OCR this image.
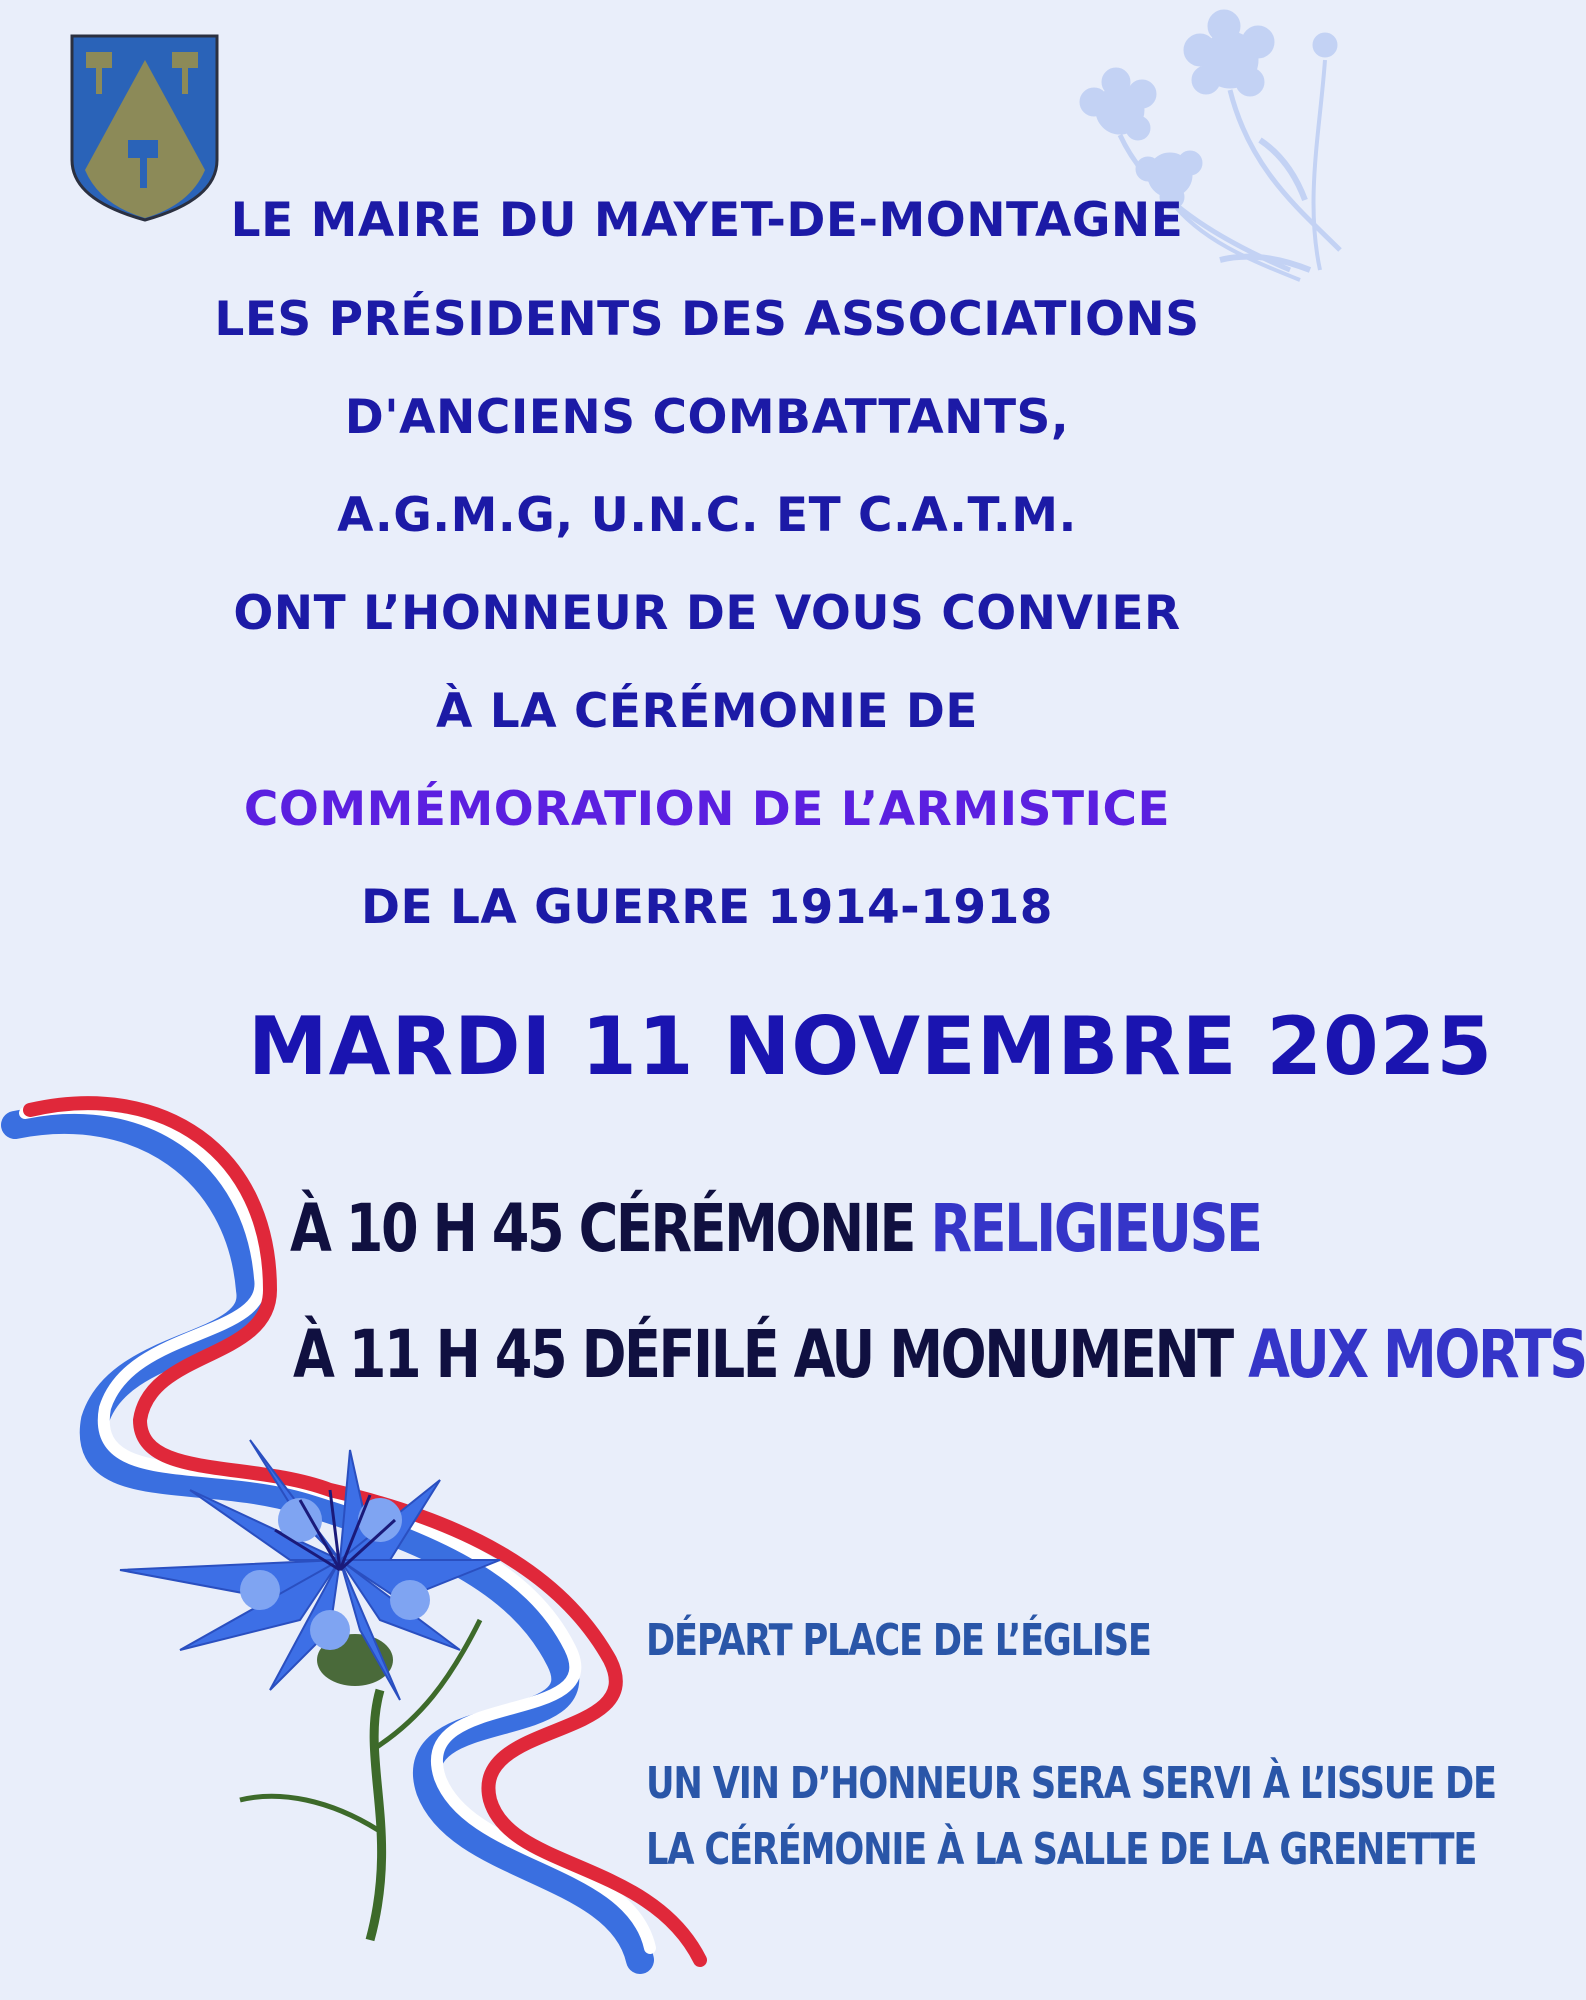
LE MAIRE DU MAYET-DE-MONTAGNE
LES PRÉSIDENTS DES ASSOCIATIONS
D'ANCIENS COMBATTANTS,
A.G.M.G, U.N.C. ET C.A.T.M.
ONT L’HONNEUR DE VOUS CONVIER
À LA CÉRÉMONIE DE
COMMÉMORATION DE L’ARMISTICE
DE LA GUERRE 1914-1918
MARDI 11 NOVEMBRE 2025
À 10 H 45 CÉRÉMONIE RELIGIEUSE
À 11 H 45 DÉFILÉ AU MONUMENT AUX MORTS
DÉPART PLACE DE L’ÉGLISE
UN VIN D’HONNEUR SERA SERVI À L’ISSUE DE
LA CÉRÉMONIE À LA SALLE DE LA GRENETTE
